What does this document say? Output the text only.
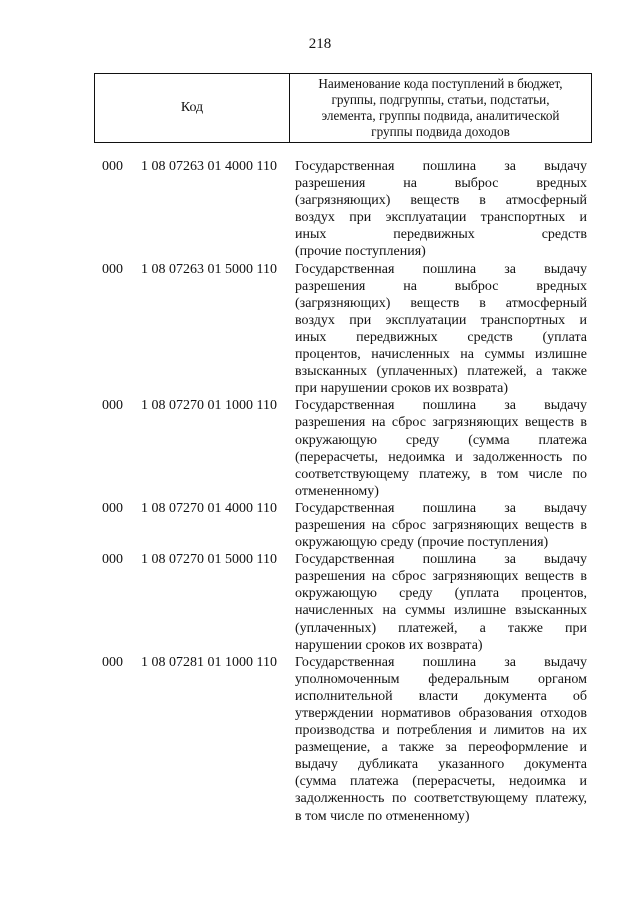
218
Код
Наименование кода поступлений в бюджет,
группы, подгруппы, статьи, подстатьи,
элемента, группы подвида, аналитической
группы подвида доходов
000 1 08 07263 01 4000 110 Государственная пошлина за выдачу
разрешения на выброс вредных
(загрязняющих) веществ в атмосферный
воздух при эксплуатации транспортных и
иных передвижных средств
(прочие поступления)
000 1 08 07263 01 5000 110 Государственная пошлина за выдачу
разрешения на выброс вредных
(загрязняющих) веществ в атмосферный
воздух при эксплуатации транспортных и
иных передвижных средств (уплата
процентов, начисленных на суммы излишне
взысканных (уплаченных) платежей, а также
при нарушении сроков их возврата)
000 1 08 07270 01 1000 110 Государственная пошлина за выдачу
разрешения на сброс загрязняющих веществ в
окружающую среду (сумма платежа
(перерасчеты, недоимка и задолженность по
соответствующему платежу, в том числе по
отмененному)
000 1 08 07270 01 4000 110 Государственная пошлина за выдачу
разрешения на сброс загрязняющих веществ в
окружающую среду (прочие поступления)
000 1 08 07270 01 5000 110 Государственная пошлина за выдачу
разрешения на сброс загрязняющих веществ в
окружающую среду (уплата процентов,
начисленных на суммы излишне взысканных
(уплаченных) платежей, а также при
нарушении сроков их возврата)
000 1 08 07281 01 1000 110 Государственная пошлина за выдачу
уполномоченным федеральным органом
исполнительной власти документа об
утверждении нормативов образования отходов
производства и потребления и лимитов на их
размещение, а также за переоформление и
выдачу дубликата указанного документа
(сумма платежа (перерасчеты, недоимка и
задолженность по соответствующему платежу,
в том числе по отмененному)
